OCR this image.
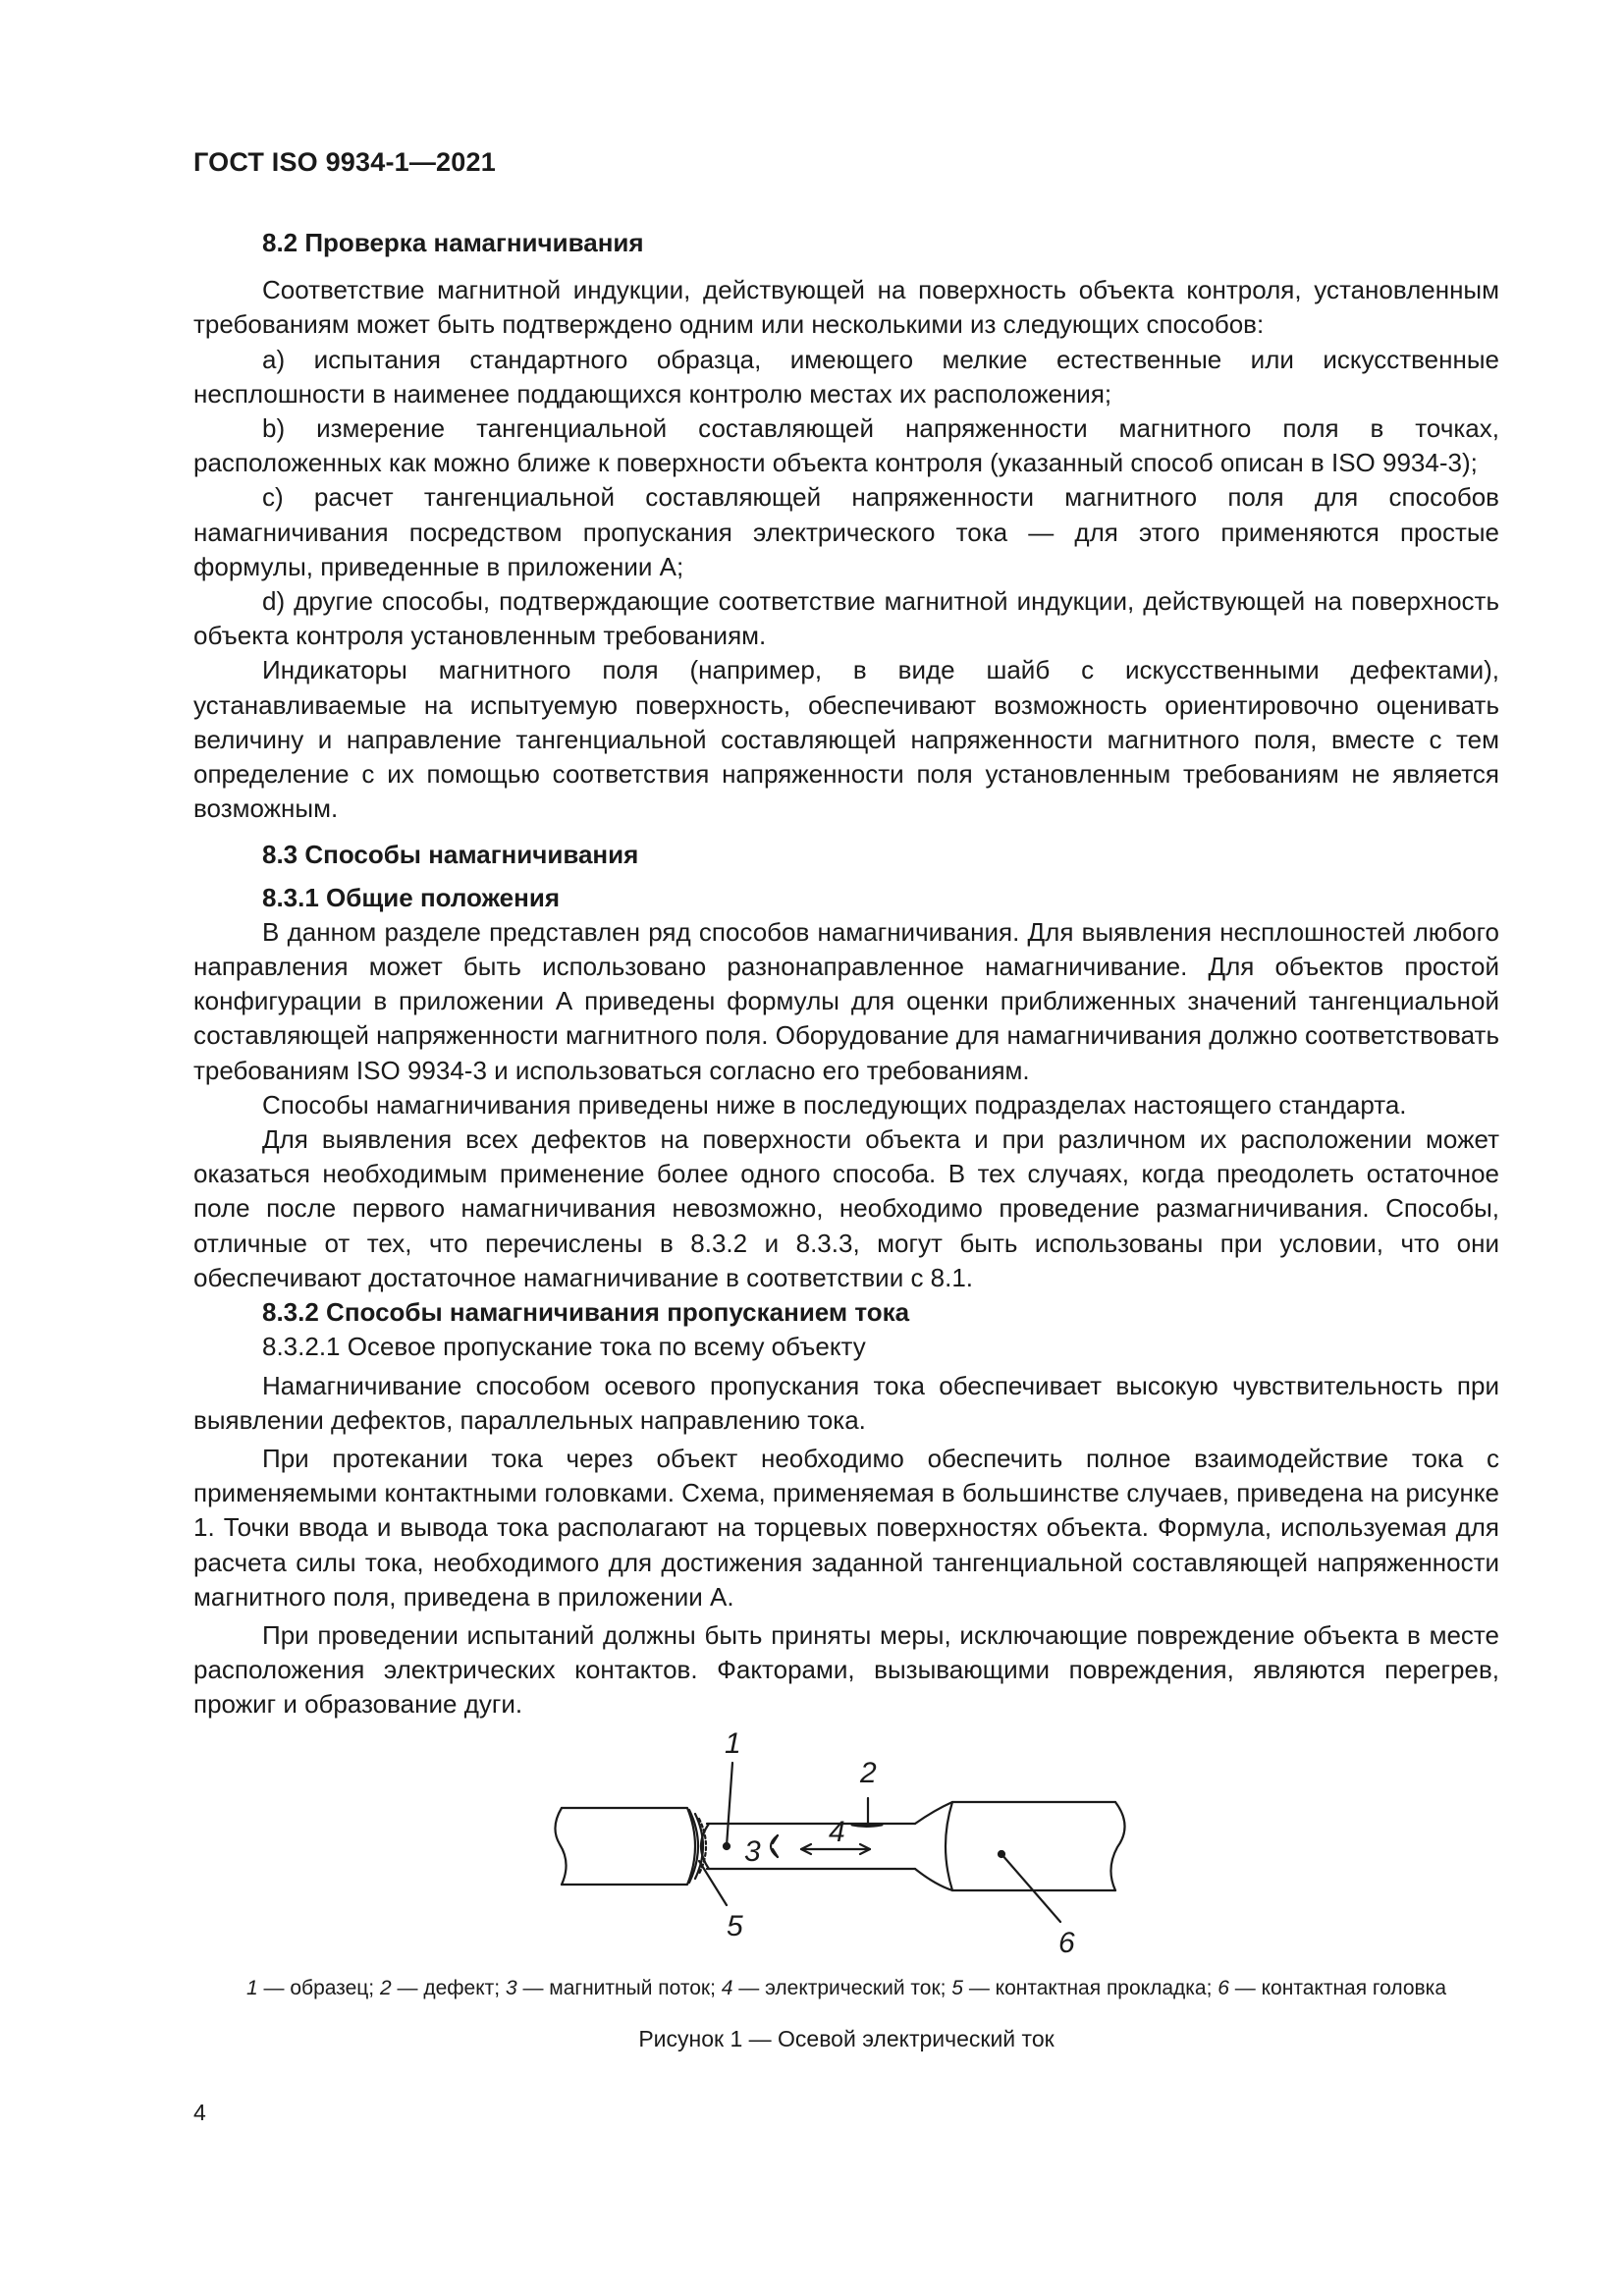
ГОСТ ISO 9934-1—2021
8.2 Проверка намагничивания

Соответствие магнитной индукции, действующей на поверхность объекта контроля, установленным требованиям может быть подтверждено одним или несколькими из следующих способов:

a) испытания стандартного образца, имеющего мелкие естественные или искусственные несплошности в наименее поддающихся контролю местах их расположения;

b) измерение тангенциальной составляющей напряженности магнитного поля в точках, расположенных как можно ближе к поверхности объекта контроля (указанный способ описан в ISO 9934-3);

c) расчет тангенциальной составляющей напряженности магнитного поля для способов намагничивания посредством пропускания электрического тока — для этого применяются простые формулы, приведенные в приложении А;

d) другие способы, подтверждающие соответствие магнитной индукции, действующей на поверхность объекта контроля установленным требованиям.

Индикаторы магнитного поля (например, в виде шайб с искусственными дефектами), устанавливаемые на испытуемую поверхность, обеспечивают возможность ориентировочно оценивать величину и направление тангенциальной составляющей напряженности магнитного поля, вместе с тем определение с их помощью соответствия напряженности поля установленным требованиям не является возможным.

8.3 Способы намагничивания
8.3.1 Общие положения

В данном разделе представлен ряд способов намагничивания. Для выявления несплошностей любого направления может быть использовано разнонаправленное намагничивание. Для объектов простой конфигурации в приложении А приведены формулы для оценки приближенных значений тангенциальной составляющей напряженности магнитного поля. Оборудование для намагничивания должно соответствовать требованиям ISO 9934-3 и использоваться согласно его требованиям.

Способы намагничивания приведены ниже в последующих подразделах настоящего стандарта.

Для выявления всех дефектов на поверхности объекта и при различном их расположении может оказаться необходимым применение более одного способа. В тех случаях, когда преодолеть остаточное поле после первого намагничивания невозможно, необходимо проведение размагничивания. Способы, отличные от тех, что перечислены в 8.3.2 и 8.3.3, могут быть использованы при условии, что они обеспечивают достаточное намагничивание в соответствии с 8.1.

8.3.2 Способы намагничивания пропусканием тока

8.3.2.1 Осевое пропускание тока по всему объекту

Намагничивание способом осевого пропускания тока обеспечивает высокую чувствительность при выявлении дефектов, параллельных направлению тока.

При протекании тока через объект необходимо обеспечить полное взаимодействие тока с применяемыми контактными головками. Схема, применяемая в большинстве случаев, приведена на рисунке 1. Точки ввода и вывода тока располагают на торцевых поверхностях объекта. Формула, используемая для расчета силы тока, необходимого для достижения заданной тангенциальной составляющей напряженности магнитного поля, приведена в приложении А.

При проведении испытаний должны быть приняты меры, исключающие повреждение объекта в месте расположения электрических контактов. Факторами, вызывающими повреждения, являются перегрев, прожиг и образование дуги.

1
2
3
4
5
6
1 — образец; 2 — дефект; 3 — магнитный поток; 4 — электрический ток; 5 — контактная прокладка; 6 — контактная головка
Рисунок 1 — Осевой электрический ток
4
